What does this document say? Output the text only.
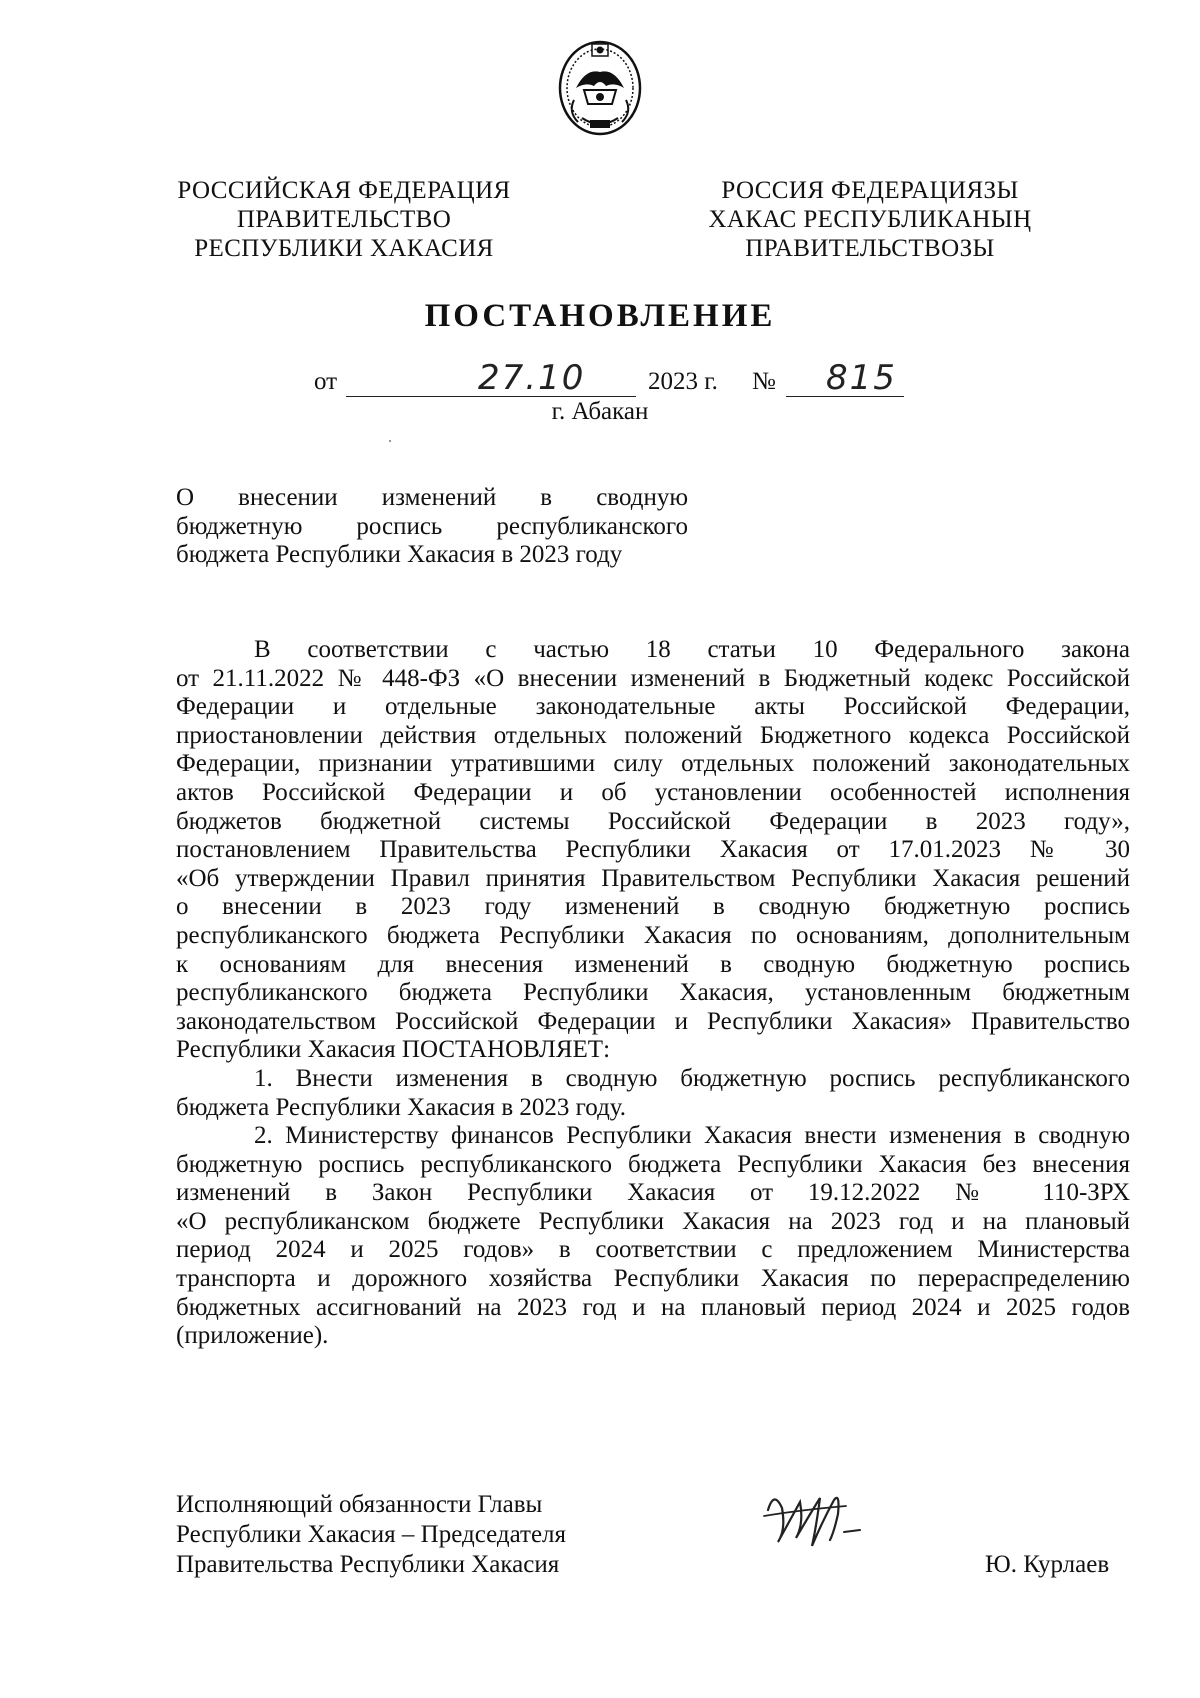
РОССИЙСКАЯ ФЕДЕРАЦИЯ
ПРАВИТЕЛЬСТВО
РЕСПУБЛИКИ ХАКАСИЯ
РОССИЯ ФЕДЕРАЦИЯЗЫ
ХАКАС РЕСПУБЛИКАНЫҢ
ПРАВИТЕЛЬСТВОЗЫ
ПОСТАНОВЛЕНИЕ
от	27.10	2023 г. № 815
г. Абакан
О внесении изменений в сводную
бюджетную роспись республиканского
бюджета Республики Хакасия в 2023 году
В соответствии с частью 18 статьи 10 Федерального закона
от 21.11.2022 № 448-ФЗ «О внесении изменений в Бюджетный кодекс Российской
Федерации и отдельные законодательные акты Российской Федерации,
приостановлении действия отдельных положений Бюджетного кодекса Российской
Федерации, признании утратившими силу отдельных положений законодательных
актов Российской Федерации и об установлении особенностей исполнения
бюджетов бюджетной системы Российской Федерации в 2023 году»,
постановлением Правительства Республики Хакасия от 17.01.2023 № 30
«Об утверждении Правил принятия Правительством Республики Хакасия решений
о внесении в 2023 году изменений в сводную бюджетную роспись
республиканского бюджета Республики Хакасия по основаниям, дополнительным
к основаниям для внесения изменений в сводную бюджетную роспись
республиканского бюджета Республики Хакасия, установленным бюджетным
законодательством Российской Федерации и Республики Хакасия» Правительство
Республики Хакасия ПОСТАНОВЛЯЕТ:
1. Внести изменения в сводную бюджетную роспись республиканского
бюджета Республики Хакасия в 2023 году.
2. Министерству финансов Республики Хакасия внести изменения в сводную
бюджетную роспись республиканского бюджета Республики Хакасия без внесения
изменений в Закон Республики Хакасия от 19.12.2022 № 110-ЗРХ
«О республиканском бюджете Республики Хакасия на 2023 год и на плановый
период 2024 и 2025 годов» в соответствии с предложением Министерства
транспорта и дорожного хозяйства Республики Хакасия по перераспределению
бюджетных ассигнований на 2023 год и на плановый период 2024 и 2025 годов
(приложение).
Исполняющий обязанности Главы
Республики Хакасия – Председателя
Правительства Республики Хакасия	Ю. Курлаев
